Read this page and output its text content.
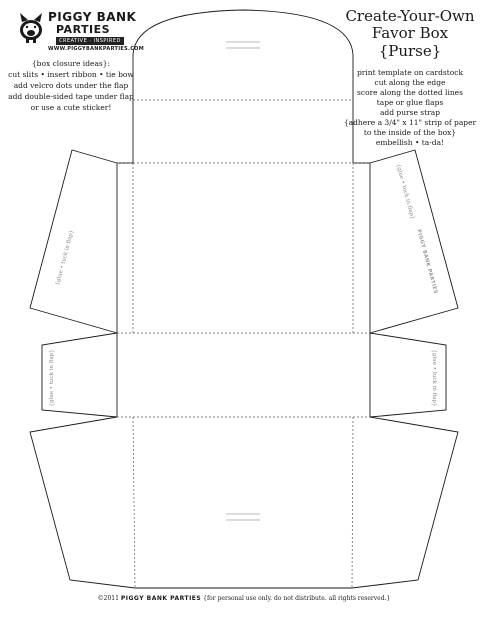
{glue • tuck in flap}
{glue • tuck in flap}
PIGGY BANK PARTIES
{glue • tuck in flap}	{glue • tuck in flap}
PIGGY BANK
PARTIES
CREATIVE · INSPIRED
WWW.PIGGYBANKPARTIES.COM
{box closure ideas}:
cut slits • insert ribbon • tie bow
add velcro dots under the flap
add double-sided tape under flap
or use a cute sticker!
Create-Your-Own
Favor Box
{Purse}
print template on cardstock
cut along the edge
score along the dotted lines
tape or glue flaps
add purse strap
{adhere a 3/4" x 11" strip of paper
to the inside of the box}
embellish • ta-da!
©2011 PIGGY BANK PARTIES {for personal use only. do not distribute. all rights reserved.}
